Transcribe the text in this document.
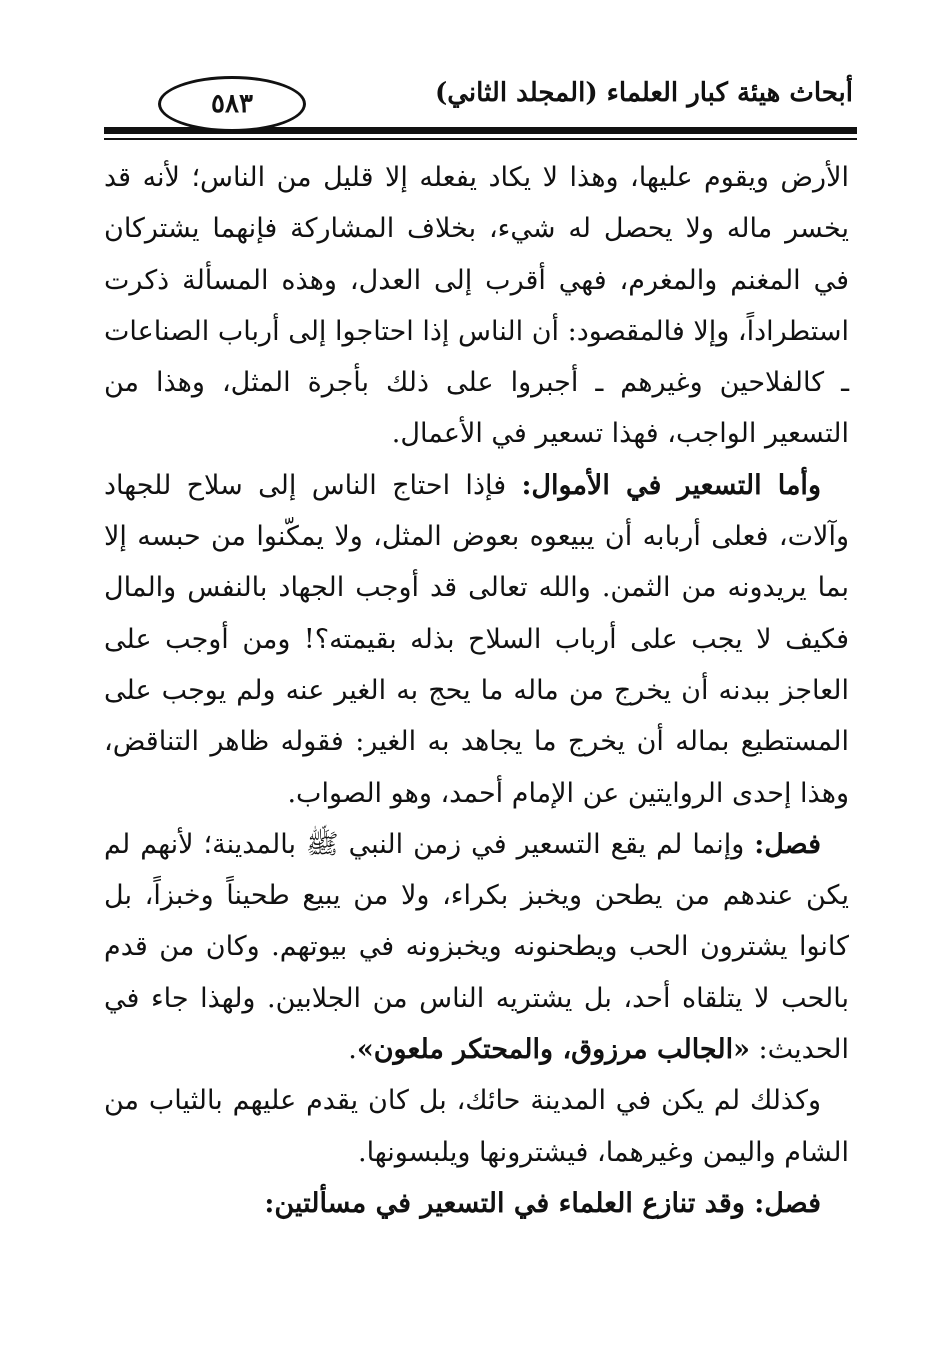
أبحاث هيئة كبار العلماء (المجلد الثاني)
٥٨٣

الأرض ويقوم عليها، وهذا لا يكاد يفعله إلا قليل من الناس؛ لأنه قد يخسر ماله ولا يحصل له شيء، بخلاف المشاركة فإنهما يشتركان في المغنم والمغرم، فهي أقرب إلى العدل، وهذه المسألة ذكرت استطراداً، وإلا فالمقصود: أن الناس إذا احتاجوا إلى أرباب الصناعات ـ كالفلاحين وغيرهم ـ أجبروا على ذلك بأجرة المثل، وهذا من التسعير الواجب، فهذا تسعير في الأعمال.

وأما التسعير في الأموال: فإذا احتاج الناس إلى سلاح للجهاد وآلات، فعلى أربابه أن يبيعوه بعوض المثل، ولا يمكّنوا من حبسه إلا بما يريدونه من الثمن. والله تعالى قد أوجب الجهاد بالنفس والمال فكيف لا يجب على أرباب السلاح بذله بقيمته؟! ومن أوجب على العاجز ببدنه أن يخرج من ماله ما يحج به الغير عنه ولم يوجب على المستطيع بماله أن يخرج ما يجاهد به الغير: فقوله ظاهر التناقض، وهذا إحدى الروايتين عن الإمام أحمد، وهو الصواب.

فصل: وإنما لم يقع التسعير في زمن النبي ﷺ بالمدينة؛ لأنهم لم يكن عندهم من يطحن ويخبز بكراء، ولا من يبيع طحيناً وخبزاً، بل كانوا يشترون الحب ويطحنونه ويخبزونه في بيوتهم. وكان من قدم بالحب لا يتلقاه أحد، بل يشتريه الناس من الجلابين. ولهذا جاء في الحديث: «الجالب مرزوق، والمحتكر ملعون».

وكذلك لم يكن في المدينة حائك، بل كان يقدم عليهم بالثياب من الشام واليمن وغيرهما، فيشترونها ويلبسونها.

فصل: وقد تنازع العلماء في التسعير في مسألتين:
